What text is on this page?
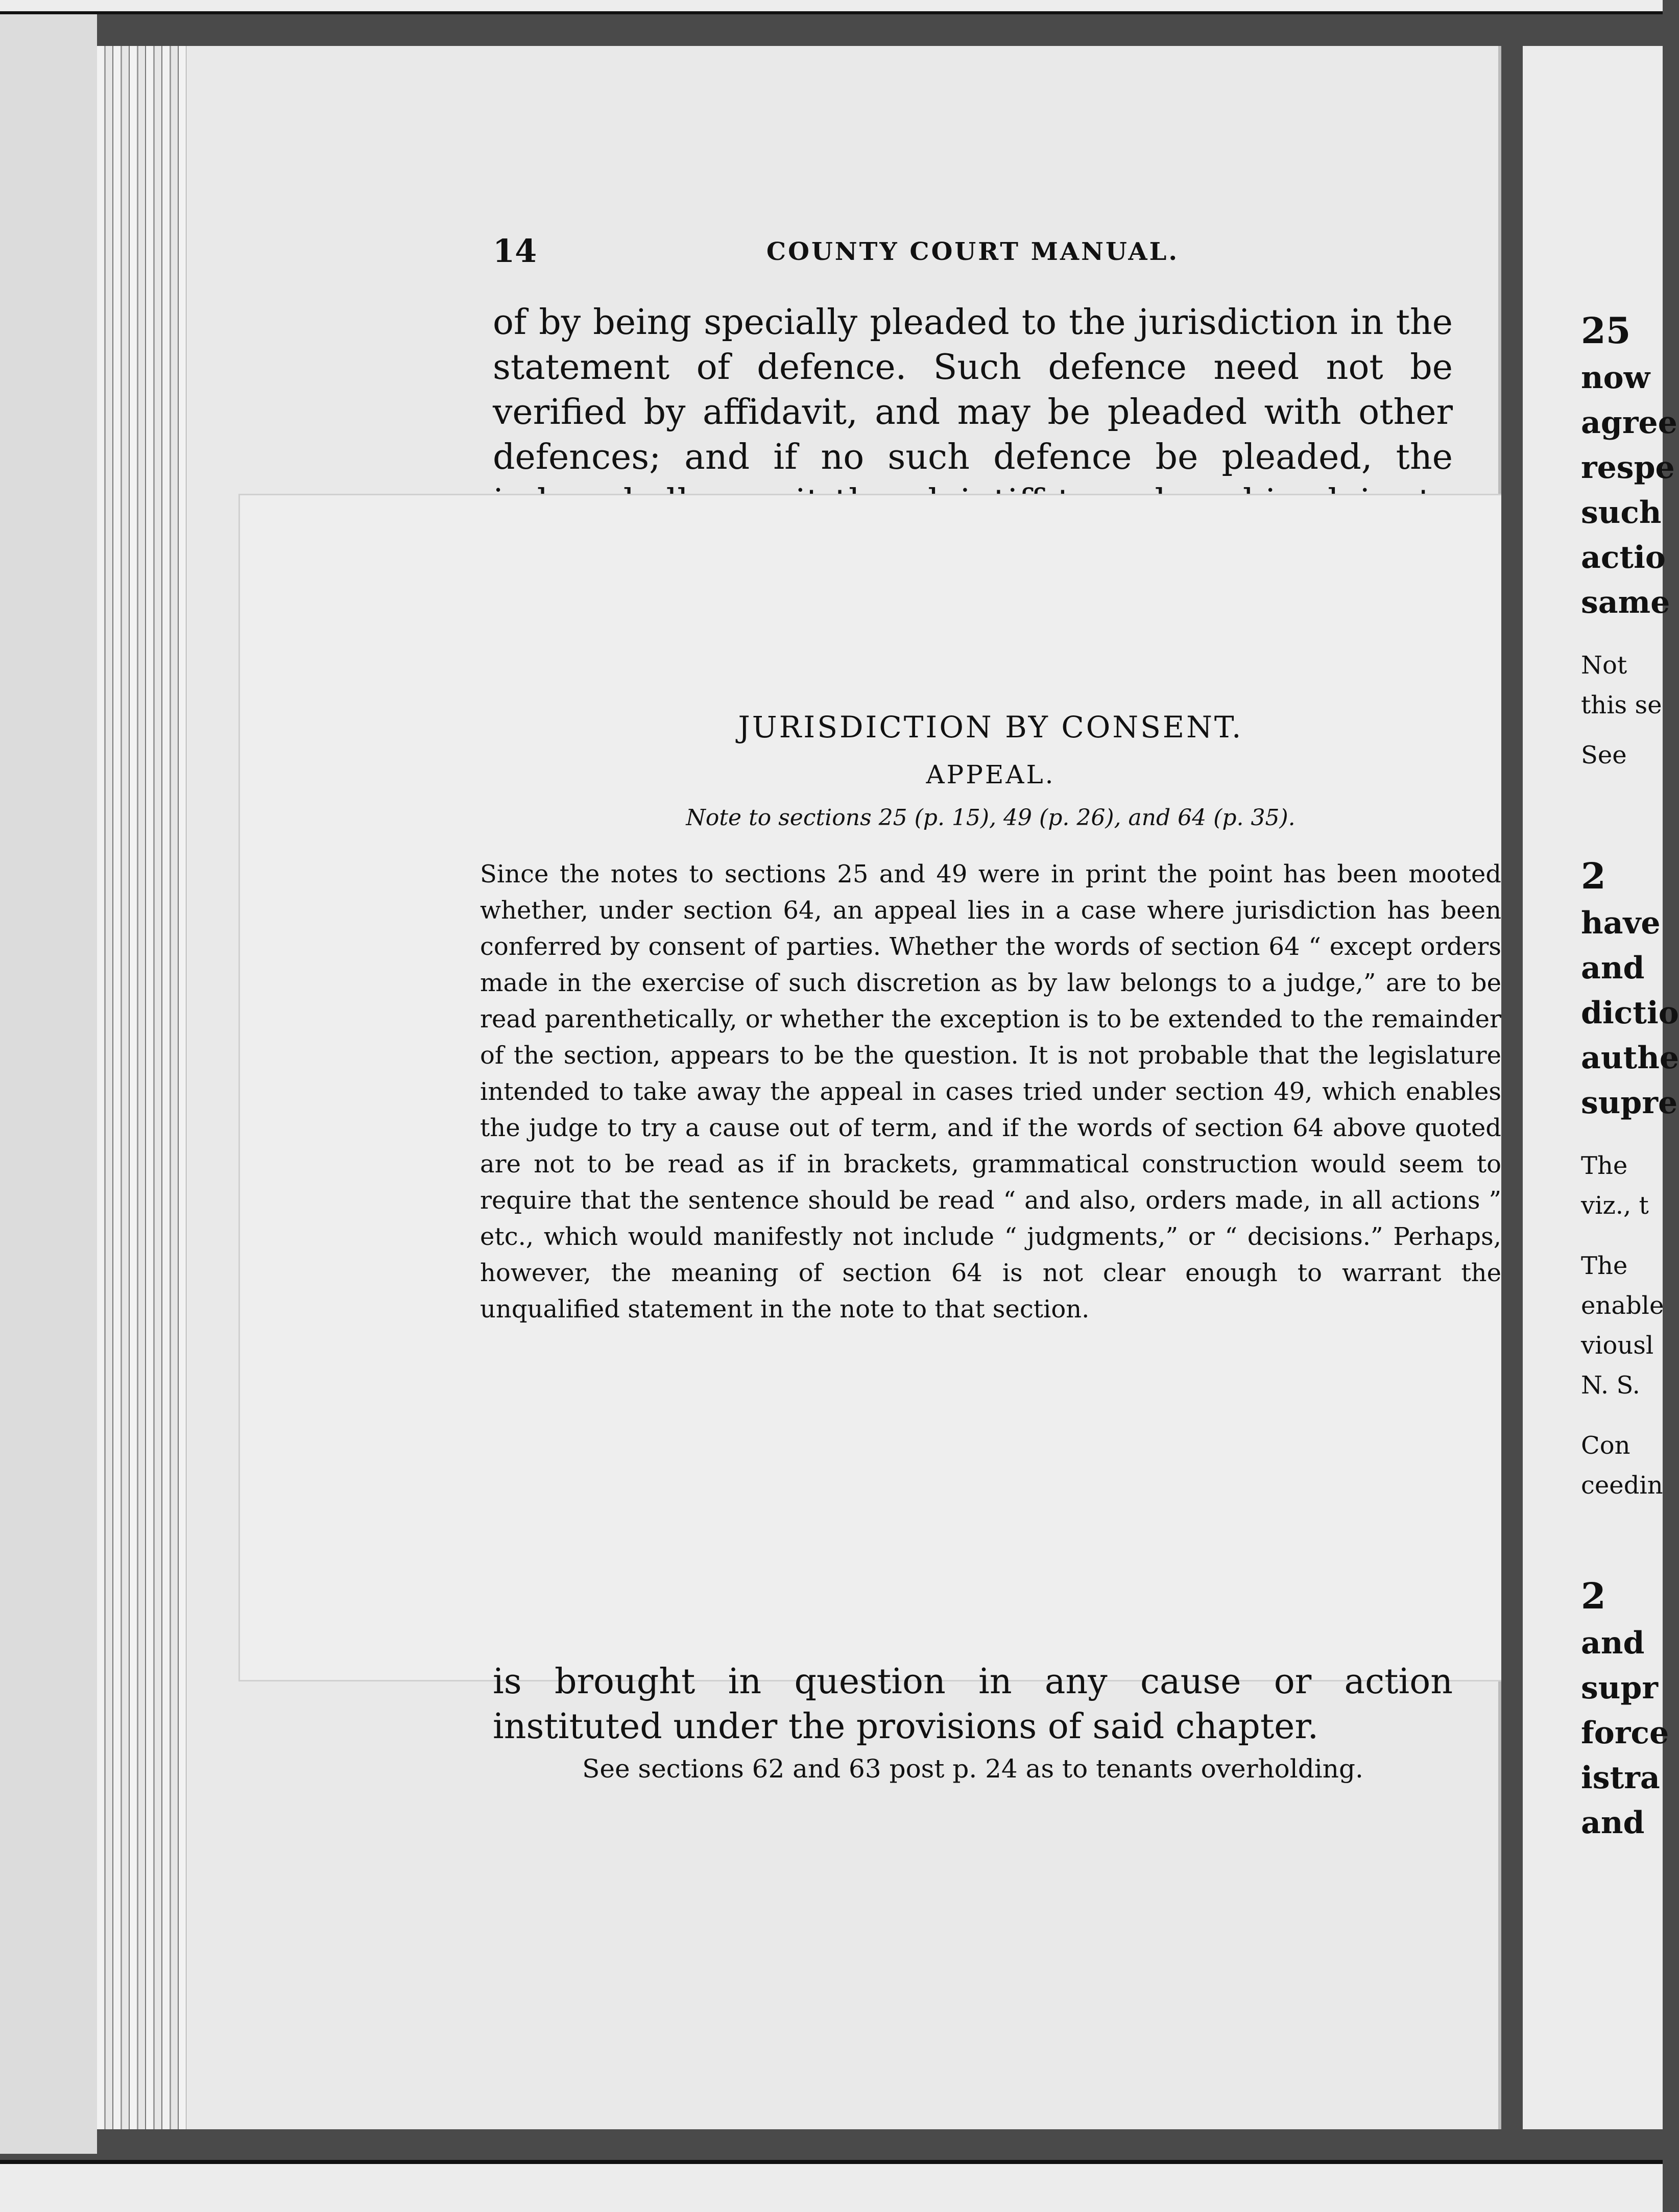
14	COUNTY COURT MANUAL.

of by being specially pleaded to the jurisdiction in the statement of defence. Such defence need not be verified by affidavit, and may be pleaded with other defences; and if no such defence be pleaded, the

JURISDICTION BY CONSENT.
APPEAL.

Note to sections 25 (p. 15), 49 (p. 26), and 64 (p. 35).

Since the notes to sections 25 and 49 were in print the point has been mooted whether, under section 64, an appeal lies in a case where jurisdiction has been conferred by consent of parties. Whether the words of section 64 “ except orders made in the exercise of such discretion as by law belongs to a judge,” are to be read parenthetically, or whether the exception is to be extended to the remainder of the section, appears to be the question. It is not probable that the legislature intended to take away the appeal in cases tried under section 49, which enables the judge to try a cause out of term, and if the words of section 64 above quoted are not to be read as if in brackets, grammatical construction would seem to require that the sentence should be read “ and also, orders made, in all actions ” etc., which would manifestly not include “ judgments,” or “ decisions.” Perhaps, however, the meaning of section 64 is not clear enough to warrant the unqualified statement in the note to that section.

is brought in question in any cause or action instituted under the provisions of said chapter.

See sections 62 and 63 post p. 24 as to tenants overholding.
25
now
agree
respe
such
actio
same
Not
this se
See
2
have
and
dictio
authe
supre
The
viz., t
The
enable
viousl
N. S.
Con
ceedin
2
and
supr
force
istra
and
